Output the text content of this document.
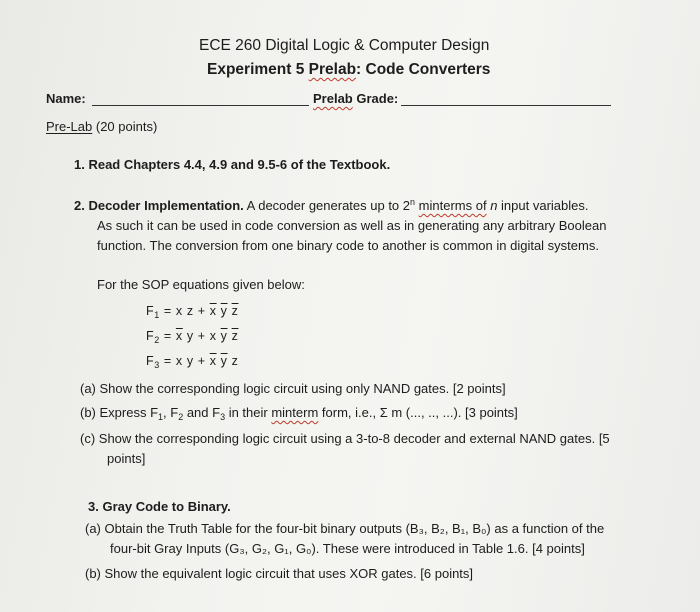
ECE 260 Digital Logic & Computer Design
Experiment 5 Prelab: Code Converters
Name:	Prelab Grade:
Pre-Lab (20 points)
1. Read Chapters 4.4, 4.9 and 9.5-6 of the Textbook.
2. Decoder Implementation. A decoder generates up to 2$^n$ minterms of n input variables.
As such it can be used in code conversion as well as in generating any arbitrary Boolean
function. The conversion from one binary code to another is common in digital systems.
For the SOP equations given below:
$F_1 = x$ $z + \overline{x}$ $\overline{y}$ $\overline{z}$
$F_2 = \overline{x}$ y + x $\overline{y}$ $\overline{z}$
$F_3 = x$ $y + \overline{x}$ $\overline{y}$ z
(a) Show the corresponding logic circuit using only NAND gates. [2 points]
(b) Express $F_1$, $F_2$ and $F_3$ in their minterm form, i.e., Σ m (..., .., ...). [3 points]
(c) Show the corresponding logic circuit using a 3-to-8 decoder and external NAND gates. [5
points]
3. Gray Code to Binary.
(a) Obtain the Truth Table for the four-bit binary outputs (B₃, B₂, B₁, B₀) as a function of the
four-bit Gray Inputs (G₃, G₂, G₁, G₀). These were introduced in Table 1.6. [4 points]
(b) Show the equivalent logic circuit that uses XOR gates. [6 points]
